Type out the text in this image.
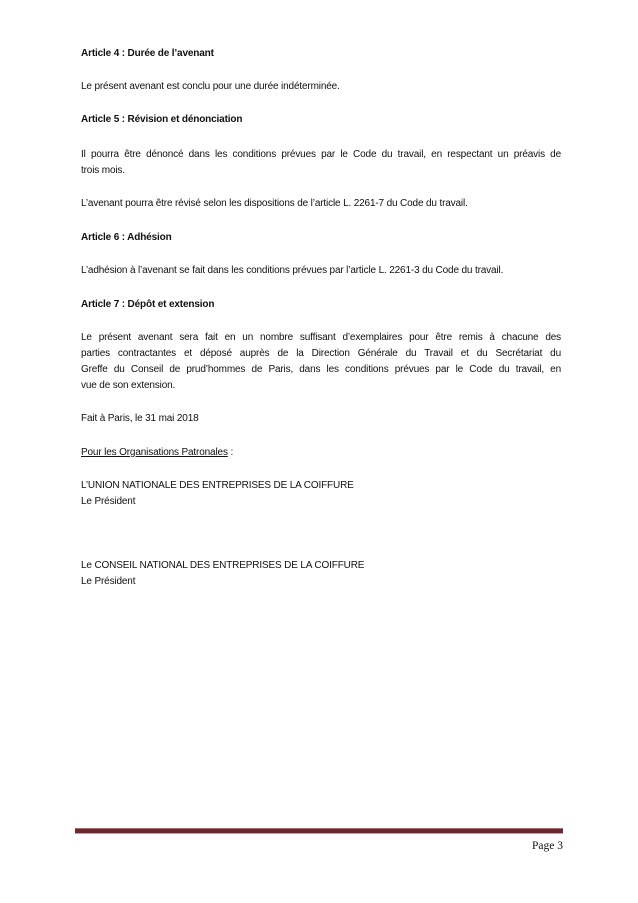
Article 4 : Durée de l’avenant
Le présent avenant est conclu pour une durée indéterminée.
Article 5 : Révision et dénonciation
Il pourra être dénoncé dans les conditions prévues par le Code du travail, en respectant un préavis de
trois mois.
L’avenant pourra être révisé selon les dispositions de l’article L. 2261-7 du Code du travail.
Article 6 : Adhésion
L’adhésion à l’avenant se fait dans les conditions prévues par l’article L. 2261-3 du Code du travail.
Article 7 : Dépôt et extension
Le présent avenant sera fait en un nombre suffisant d’exemplaires pour être remis à chacune des
parties contractantes et déposé auprès de la Direction Générale du Travail et du Secrétariat du
Greffe du Conseil de prud’hommes de Paris, dans les conditions prévues par le Code du travail, en
vue de son extension.
Fait à Paris, le 31 mai 2018
Pour les Organisations Patronales :
L’UNION NATIONALE DES ENTREPRISES DE LA COIFFURE
Le Président
Le CONSEIL NATIONAL DES ENTREPRISES DE LA COIFFURE
Le Président
Page 3
